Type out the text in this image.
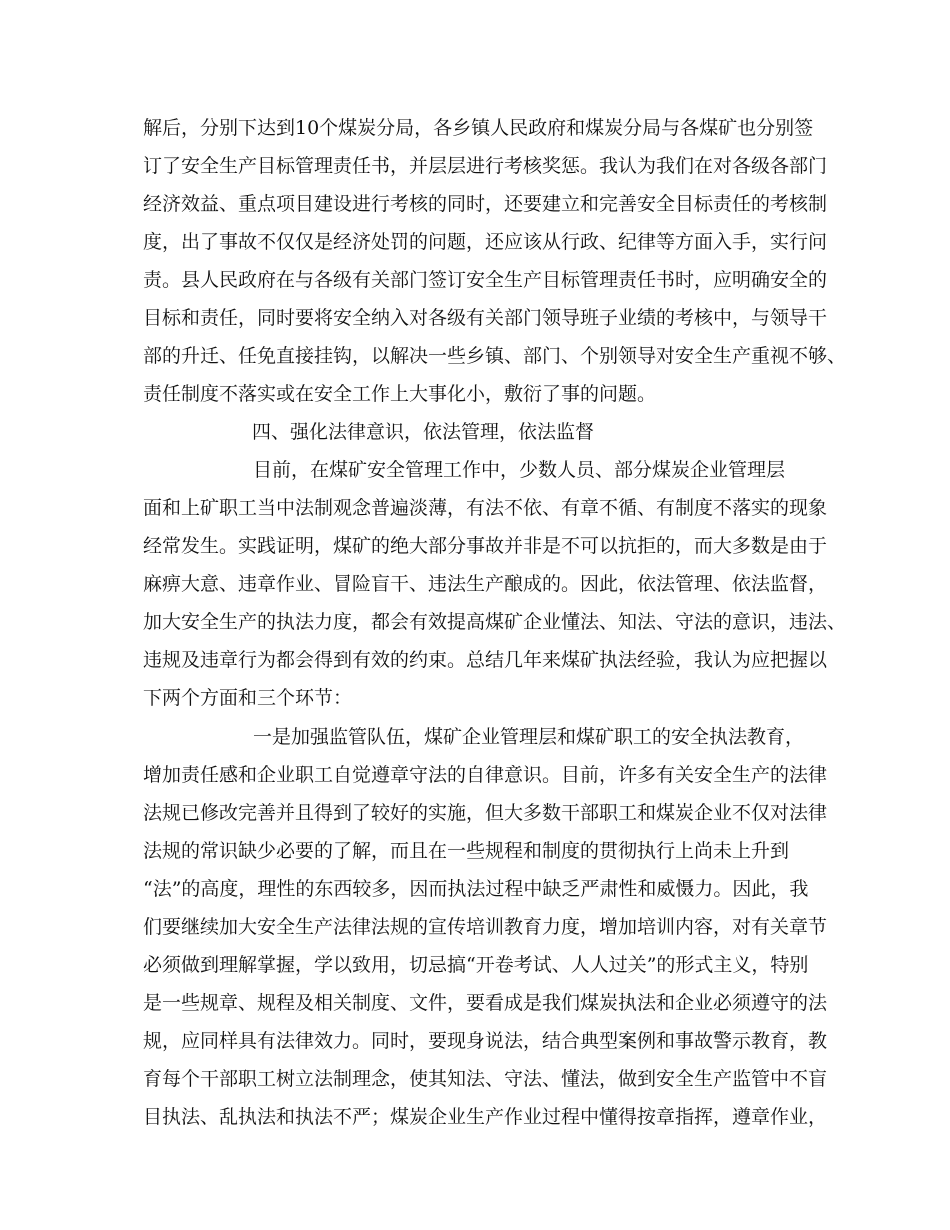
解后，分别下达到10个煤炭分局，各乡镇人民政府和煤炭分局与各煤矿也分别签
订了安全生产目标管理责任书，并层层进行考核奖惩。我认为我们在对各级各部门
经济效益、重点项目建设进行考核的同时，还要建立和完善安全目标责任的考核制
度，出了事故不仅仅是经济处罚的问题，还应该从行政、纪律等方面入手，实行问
责。县人民政府在与各级有关部门签订安全生产目标管理责任书时，应明确安全的
目标和责任，同时要将安全纳入对各级有关部门领导班子业绩的考核中，与领导干
部的升迁、任免直接挂钩，以解决一些乡镇、部门、个别领导对安全生产重视不够、
责任制度不落实或在安全工作上大事化小，敷衍了事的问题。
四、强化法律意识，依法管理，依法监督
目前，在煤矿安全管理工作中，少数人员、部分煤炭企业管理层
面和上矿职工当中法制观念普遍淡薄，有法不依、有章不循、有制度不落实的现象
经常发生。实践证明，煤矿的绝大部分事故并非是不可以抗拒的，而大多数是由于
麻痹大意、违章作业、冒险盲干、违法生产酿成的。因此，依法管理、依法监督，
加大安全生产的执法力度，都会有效提高煤矿企业懂法、知法、守法的意识，违法、
违规及违章行为都会得到有效的约束。总结几年来煤矿执法经验，我认为应把握以
下两个方面和三个环节：
一是加强监管队伍，煤矿企业管理层和煤矿职工的安全执法教育，
增加责任感和企业职工自觉遵章守法的自律意识。目前，许多有关安全生产的法律
法规已修改完善并且得到了较好的实施，但大多数干部职工和煤炭企业不仅对法律
法规的常识缺少必要的了解，而且在一些规程和制度的贯彻执行上尚未上升到
“法”的高度，理性的东西较多，因而执法过程中缺乏严肃性和威慑力。因此，我
们要继续加大安全生产法律法规的宣传培训教育力度，增加培训内容，对有关章节
必须做到理解掌握，学以致用，切忌搞“开卷考试、人人过关”的形式主义，特别
是一些规章、规程及相关制度、文件，要看成是我们煤炭执法和企业必须遵守的法
规，应同样具有法律效力。同时，要现身说法，结合典型案例和事故警示教育，教
育每个干部职工树立法制理念，使其知法、守法、懂法，做到安全生产监管中不盲
目执法、乱执法和执法不严；煤炭企业生产作业过程中懂得按章指挥，遵章作业，
